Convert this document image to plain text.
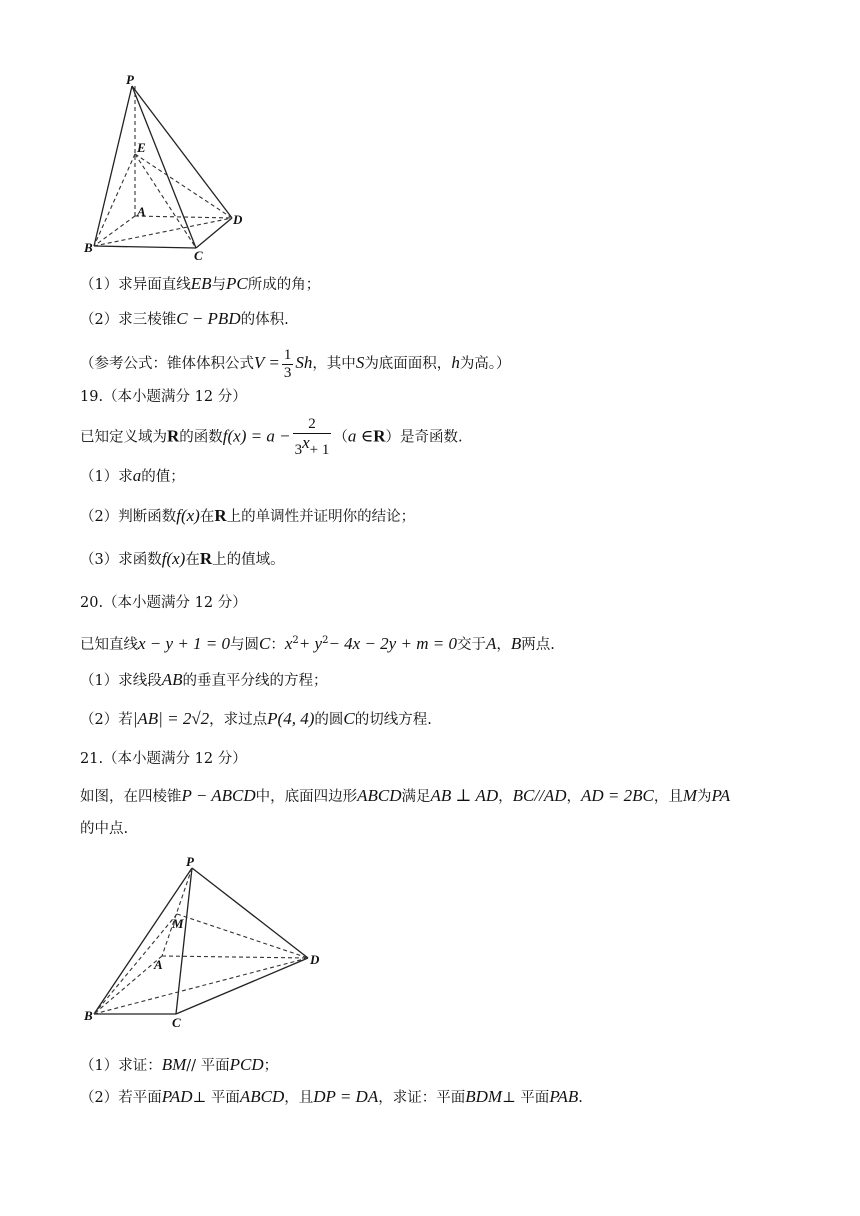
P
E
A
B
C
D
（1）求异面直线EB与PC所成的角；
（2）求三棱锥C − PBD的体积.
（参考公式：锥体体积公式$V = \frac{1}{3}$ Sh，其中S为底面面积，h为高。）
19.（本小题满分 12 分）
已知定义域为R的函数$f(x) = a - \frac{2}{3^x+ 1} (a$ ∈R）是奇函数.
（1）求a的值；
（2）判断函数f(x)在R上的单调性并证明你的结论；
（3）求函数f(x)在R上的值域。
20.（本小题满分 12 分）
已知直线x − y + 1 = 0与圆C：$x^2+ y^2- 4x - 2y + m = 0$交于A，B两点.
（1）求线段AB的垂直平分线的方程；
（2）若|AB| = 2√2，求过点P(4, 4)的圆C的切线方程.
21.（本小题满分 12 分）
如图，在四棱锥P − ABCD中，底面四边形ABCD满足AB ⊥ AD，BC//AD，AD = 2BC，且M为PA
的中点.
P
M
A
B	C
D
（1）求证：BM// 平面PCD；
（2）若平面PAD⊥ 平面ABCD，且DP = DA，求证：平面BDM⊥ 平面PAB.
